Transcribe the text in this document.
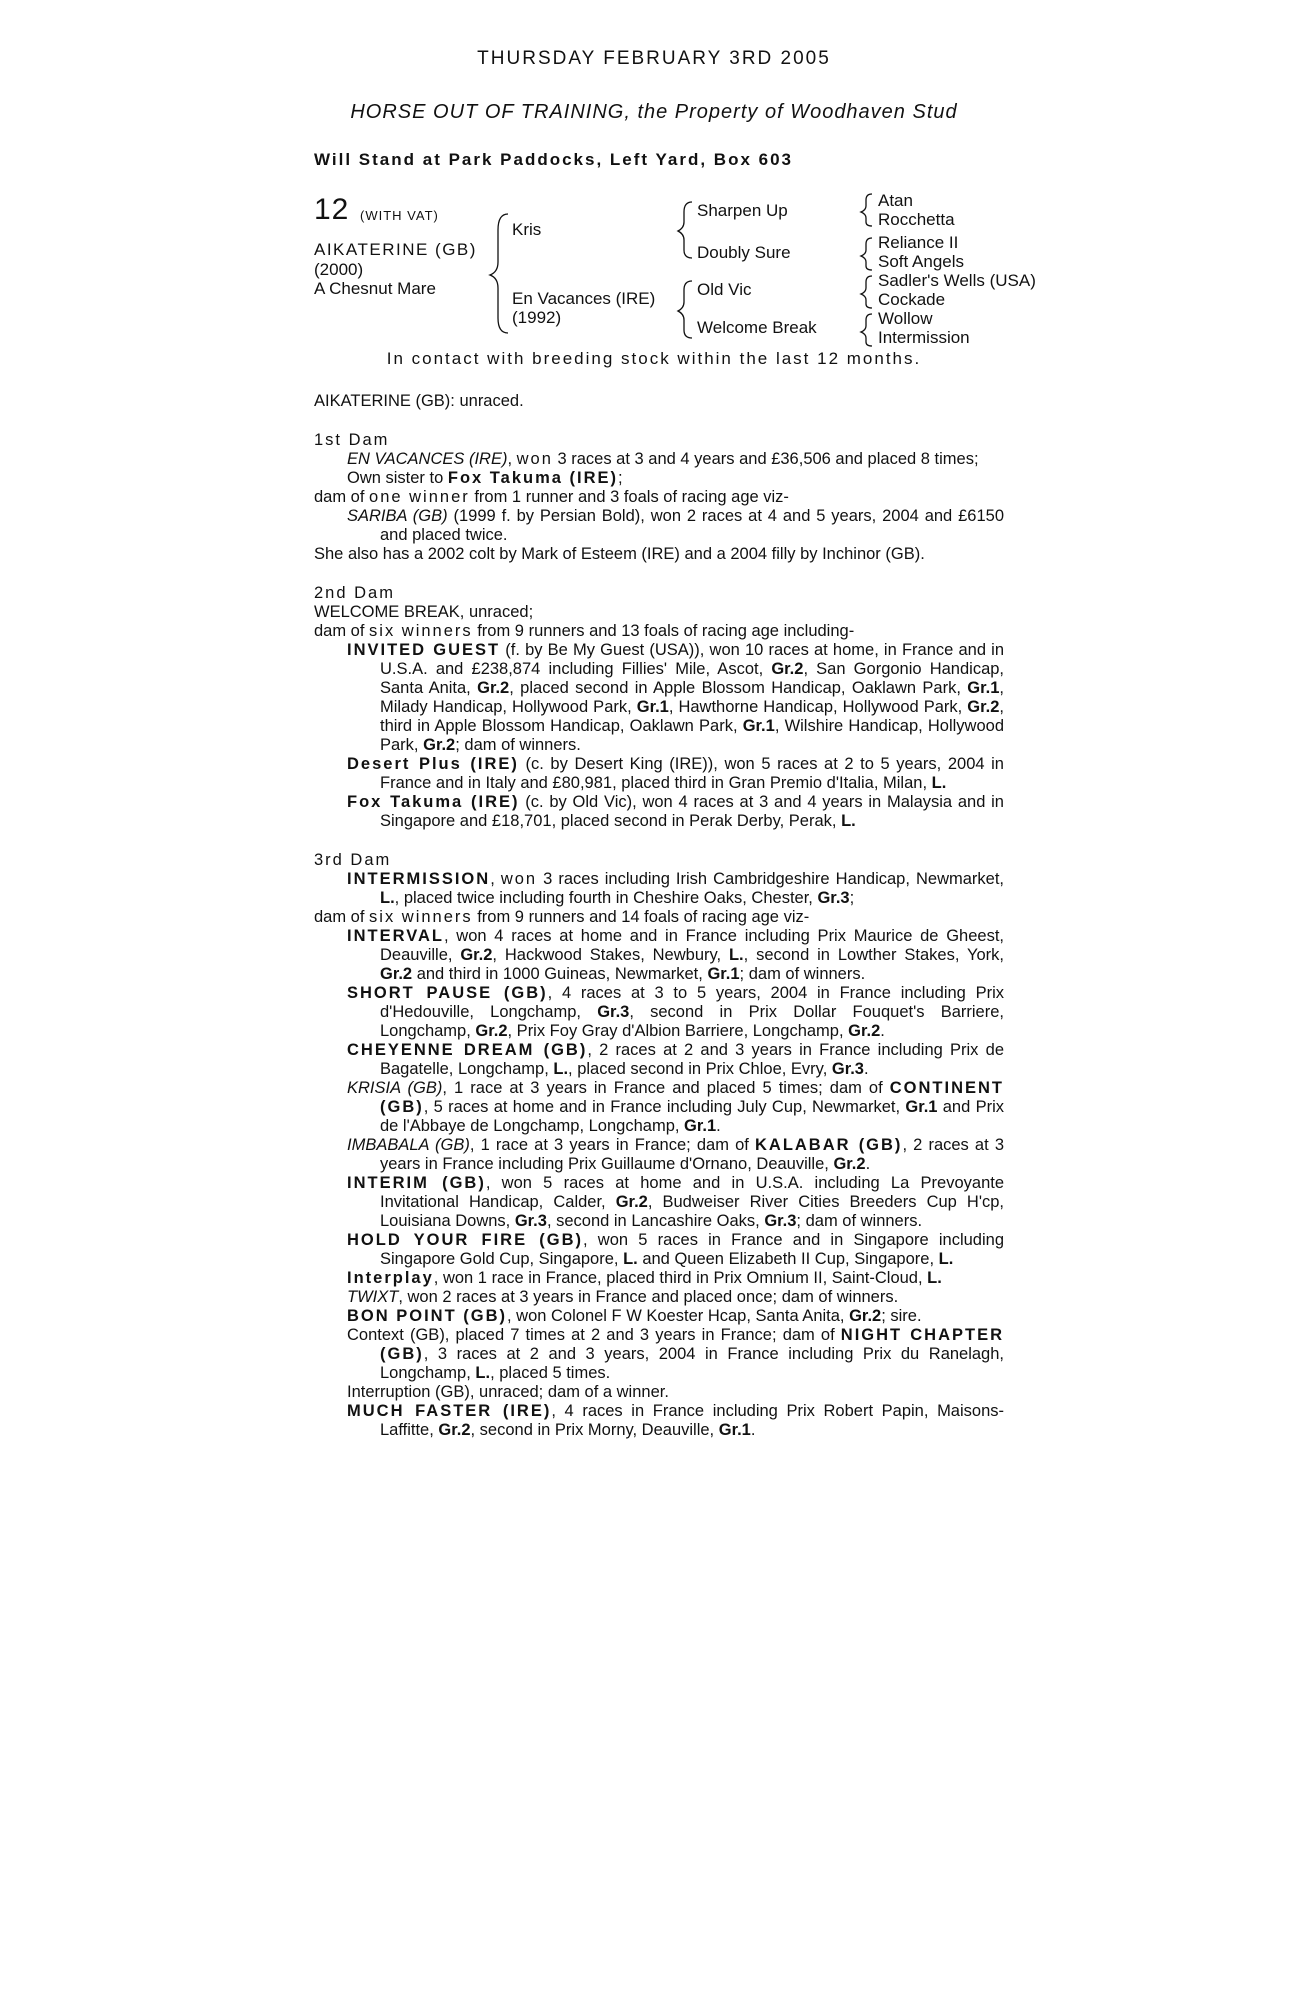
THURSDAY FEBRUARY 3RD 2005
HORSE OUT OF TRAINING, the Property of Woodhaven Stud
Will Stand at Park Paddocks, Left Yard, Box 603
12 (WITH VAT)
AIKATERINE (GB)
(2000)
A Chesnut Mare
Kris
En Vacances (IRE)
(1992)
Sharpen Up
Doubly Sure
Old Vic
Welcome Break
Atan
Rocchetta
Reliance II
Soft Angels
Sadler's Wells (USA)
Cockade
Wollow
Intermission
In contact with breeding stock within the last 12 months.

AIKATERINE (GB): unraced.

1st Dam

EN VACANCES (IRE), won 3 races at 3 and 4 years and £36,506 and placed 8 times;

Own sister to Fox Takuma (IRE);

dam of one winner from 1 runner and 3 foals of racing age viz-

SARIBA (GB) (1999 f. by Persian Bold), won 2 races at 4 and 5 years, 2004 and £6150 and placed twice.

She also has a 2002 colt by Mark of Esteem (IRE) and a 2004 filly by Inchinor (GB).

2nd Dam

WELCOME BREAK, unraced;

dam of six winners from 9 runners and 13 foals of racing age including-

INVITED GUEST (f. by Be My Guest (USA)), won 10 races at home, in France and in U.S.A. and £238,874 including Fillies' Mile, Ascot, Gr.2, San Gorgonio Handicap, Santa Anita, Gr.2, placed second in Apple Blossom Handicap, Oaklawn Park, Gr.1, Milady Handicap, Hollywood Park, Gr.1, Hawthorne Handicap, Hollywood Park, Gr.2, third in Apple Blossom Handicap, Oaklawn Park, Gr.1, Wilshire Handicap, Hollywood Park, Gr.2; dam of winners.

Desert Plus (IRE) (c. by Desert King (IRE)), won 5 races at 2 to 5 years, 2004 in France and in Italy and £80,981, placed third in Gran Premio d'Italia, Milan, L.

Fox Takuma (IRE) (c. by Old Vic), won 4 races at 3 and 4 years in Malaysia and in Singapore and £18,701, placed second in Perak Derby, Perak, L.

3rd Dam

INTERMISSION, won 3 races including Irish Cambridgeshire Handicap, Newmarket, L., placed twice including fourth in Cheshire Oaks, Chester, Gr.3;

dam of six winners from 9 runners and 14 foals of racing age viz-

INTERVAL, won 4 races at home and in France including Prix Maurice de Gheest, Deauville, Gr.2, Hackwood Stakes, Newbury, L., second in Lowther Stakes, York, Gr.2 and third in 1000 Guineas, Newmarket, Gr.1; dam of winners.

SHORT PAUSE (GB), 4 races at 3 to 5 years, 2004 in France including Prix d'Hedouville, Longchamp, Gr.3, second in Prix Dollar Fouquet's Barriere, Longchamp, Gr.2, Prix Foy Gray d'Albion Barriere, Longchamp, Gr.2.

CHEYENNE DREAM (GB), 2 races at 2 and 3 years in France including Prix de Bagatelle, Longchamp, L., placed second in Prix Chloe, Evry, Gr.3.

KRISIA (GB), 1 race at 3 years in France and placed 5 times; dam of CONTINENT (GB), 5 races at home and in France including July Cup, Newmarket, Gr.1 and Prix de l'Abbaye de Longchamp, Longchamp, Gr.1.

IMBABALA (GB), 1 race at 3 years in France; dam of KALABAR (GB), 2 races at 3 years in France including Prix Guillaume d'Ornano, Deauville, Gr.2.

INTERIM (GB), won 5 races at home and in U.S.A. including La Prevoyante Invitational Handicap, Calder, Gr.2, Budweiser River Cities Breeders Cup H'cp, Louisiana Downs, Gr.3, second in Lancashire Oaks, Gr.3; dam of winners.

HOLD YOUR FIRE (GB), won 5 races in France and in Singapore including Singapore Gold Cup, Singapore, L. and Queen Elizabeth II Cup, Singapore, L.

Interplay, won 1 race in France, placed third in Prix Omnium II, Saint-Cloud, L.

TWIXT, won 2 races at 3 years in France and placed once; dam of winners.

BON POINT (GB), won Colonel F W Koester Hcap, Santa Anita, Gr.2; sire.

Context (GB), placed 7 times at 2 and 3 years in France; dam of NIGHT CHAPTER (GB), 3 races at 2 and 3 years, 2004 in France including Prix du Ranelagh, Longchamp, L., placed 5 times.

Interruption (GB), unraced; dam of a winner.

MUCH FASTER (IRE), 4 races in France including Prix Robert Papin, Maisons-Laffitte, Gr.2, second in Prix Morny, Deauville, Gr.1.
